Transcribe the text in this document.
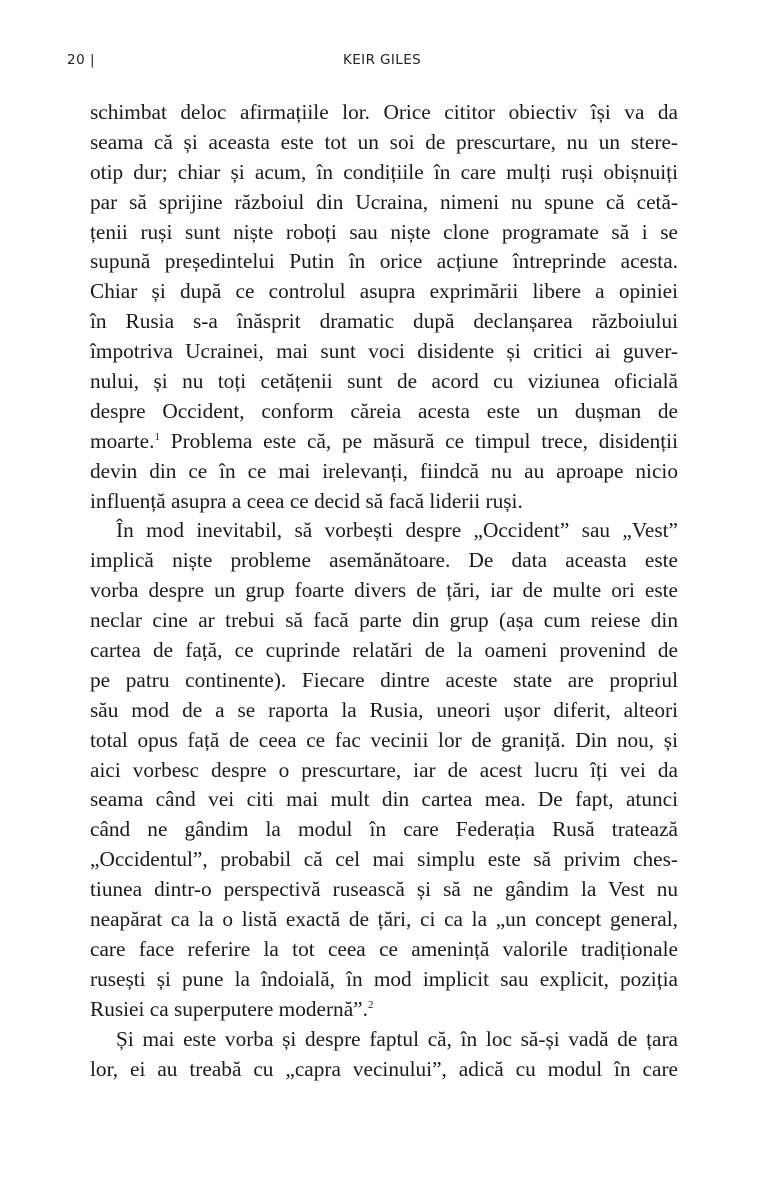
20 |	KEIR GILES
schimbat deloc afirmațiile lor. Orice cititor obiectiv își va da
seama că și aceasta este tot un soi de prescurtare, nu un stere-
otip dur; chiar și acum, în condițiile în care mulți ruși obișnuiți
par să sprijine războiul din Ucraina, nimeni nu spune că cetă-
țenii ruși sunt niște roboți sau niște clone programate să i se
supună președintelui Putin în orice acțiune întreprinde acesta.
Chiar și după ce controlul asupra exprimării libere a opiniei
în Rusia s-a înăsprit dramatic după declanșarea războiului
împotriva Ucrainei, mai sunt voci disidente și critici ai guver-
nului, și nu toți cetățenii sunt de acord cu viziunea oficială
despre Occident, conform căreia acesta este un dușman de
moarte.$^1$ Problema este că, pe măsură ce timpul trece, disidenții
devin din ce în ce mai irelevanți, fiindcă nu au aproape nicio
influență asupra a ceea ce decid să facă liderii ruși.
În mod inevitabil, să vorbești despre „Occident” sau „Vest”
implică niște probleme asemănătoare. De data aceasta este
vorba despre un grup foarte divers de țări, iar de multe ori este
neclar cine ar trebui să facă parte din grup (așa cum reiese din
cartea de față, ce cuprinde relatări de la oameni provenind de
pe patru continente). Fiecare dintre aceste state are propriul
său mod de a se raporta la Rusia, uneori ușor diferit, alteori
total opus față de ceea ce fac vecinii lor de graniță. Din nou, și
aici vorbesc despre o prescurtare, iar de acest lucru îți vei da
seama când vei citi mai mult din cartea mea. De fapt, atunci
când ne gândim la modul în care Federația Rusă tratează
„Occidentul”, probabil că cel mai simplu este să privim ches-
tiunea dintr-o perspectivă rusească și să ne gândim la Vest nu
neapărat ca la o listă exactă de țări, ci ca la „un concept general,
care face referire la tot ceea ce amenință valorile tradiționale
rusești și pune la îndoială, în mod implicit sau explicit, poziția
Rusiei ca superputere modernă”.$^2$
Și mai este vorba și despre faptul că, în loc să-și vadă de țara
lor, ei au treabă cu „capra vecinului”, adică cu modul în care
